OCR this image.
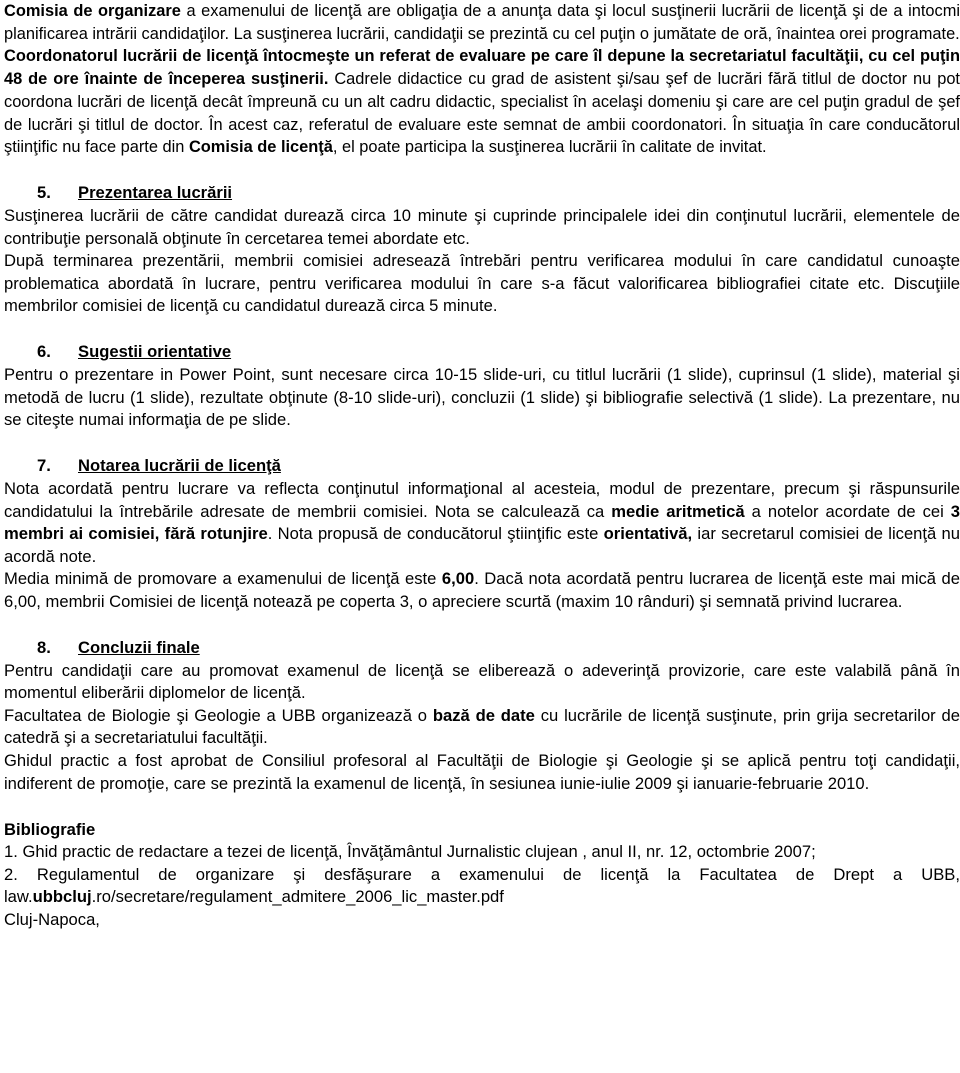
Comisia de organizare a examenului de licenţă are obligaţia de a anunţa data şi locul susţinerii lucrării de licenţă şi de a intocmi planificarea intrării candidaţilor. La susţinerea lucrării, candidaţii se prezintă cu cel puţin o jumătate de oră, înaintea orei programate.

Coordonatorul lucrării de licenţă întocmeşte un referat de evaluare pe care îl depune la secretariatul facultăţii, cu cel puţin 48 de ore înainte de începerea susţinerii. Cadrele didactice cu grad de asistent şi/sau şef de lucrări fără titlul de doctor nu pot coordona lucrări de licenţă decât împreună cu un alt cadru didactic, specialist în acelaşi domeniu şi care are cel puţin gradul de şef de lucrări şi titlul de doctor. În acest caz, referatul de evaluare este semnat de ambii coordonatori. În situaţia în care conducătorul ştiinţific nu face parte din Comisia de licenţă, el poate participa la susţinerea lucrării în calitate de invitat.

5. Prezentarea lucrării

Susţinerea lucrării de către candidat durează circa 10 minute şi cuprinde principalele idei din conţinutul lucrării, elementele de contribuţie personală obţinute în cercetarea temei abordate etc.

După terminarea prezentării, membrii comisiei adresează întrebări pentru verificarea modului în care candidatul cunoaşte problematica abordată în lucrare, pentru verificarea modului în care s-a făcut valorificarea bibliografiei citate etc. Discuţiile membrilor comisiei de licenţă cu candidatul durează circa 5 minute.

6. Sugestii orientative

Pentru o prezentare in Power Point, sunt necesare circa 10-15 slide-uri, cu titlul lucrării (1 slide), cuprinsul (1 slide), material şi metodă de lucru (1 slide), rezultate obţinute (8-10 slide-uri), concluzii (1 slide) şi bibliografie selectivă (1 slide). La prezentare, nu se citeşte numai informaţia de pe slide.

7. Notarea lucrării de licenţă

Nota acordată pentru lucrare va reflecta conţinutul informaţional al acesteia, modul de prezentare, precum şi răspunsurile candidatului la întrebările adresate de membrii comisiei. Nota se calculează ca medie aritmetică a notelor acordate de cei 3 membri ai comisiei, fără rotunjire. Nota propusă de conducătorul ştiinţific este orientativă, iar secretarul comisiei de licenţă nu acordă note.

Media minimă de promovare a examenului de licenţă este 6,00. Dacă nota acordată pentru lucrarea de licenţă este mai mică de 6,00, membrii Comisiei de licenţă notează pe copertа 3, o apreciere scurtă (maxim 10 rânduri) şi semnată privind lucrarea.

8. Concluzii finale

Pentru candidaţii care au promovat examenul de licenţă se eliberează o adeverinţă provizorie, care este valabilă până în momentul eliberării diplomelor de licenţă.

Facultatea de Biologie şi Geologie a UBB organizează o bază de date cu lucrările de licenţă susţinute, prin grija secretarilor de catedră şi a secretariatului facultăţii.

Ghidul practic a fost aprobat de Consiliul profesoral al Facultăţii de Biologie şi Geologie şi se aplică pentru toţi candidaţii, indiferent de promoţie, care se prezintă la examenul de licenţă, în sesiunea iunie-iulie 2009 şi ianuarie-februarie 2010.

Bibliografie

1. Ghid practic de redactare a tezei de licenţă, Învăţământul Jurnalistic clujean , anul II, nr. 12, octombrie 2007;

2. Regulamentul de organizare şi desfăşurare a examenului de licenţă la Facultatea de Drept a UBB, law.ubbcluj.ro/secretare/regulament_admitere_2006_lic_master.pdf

Cluj-Napoca,
